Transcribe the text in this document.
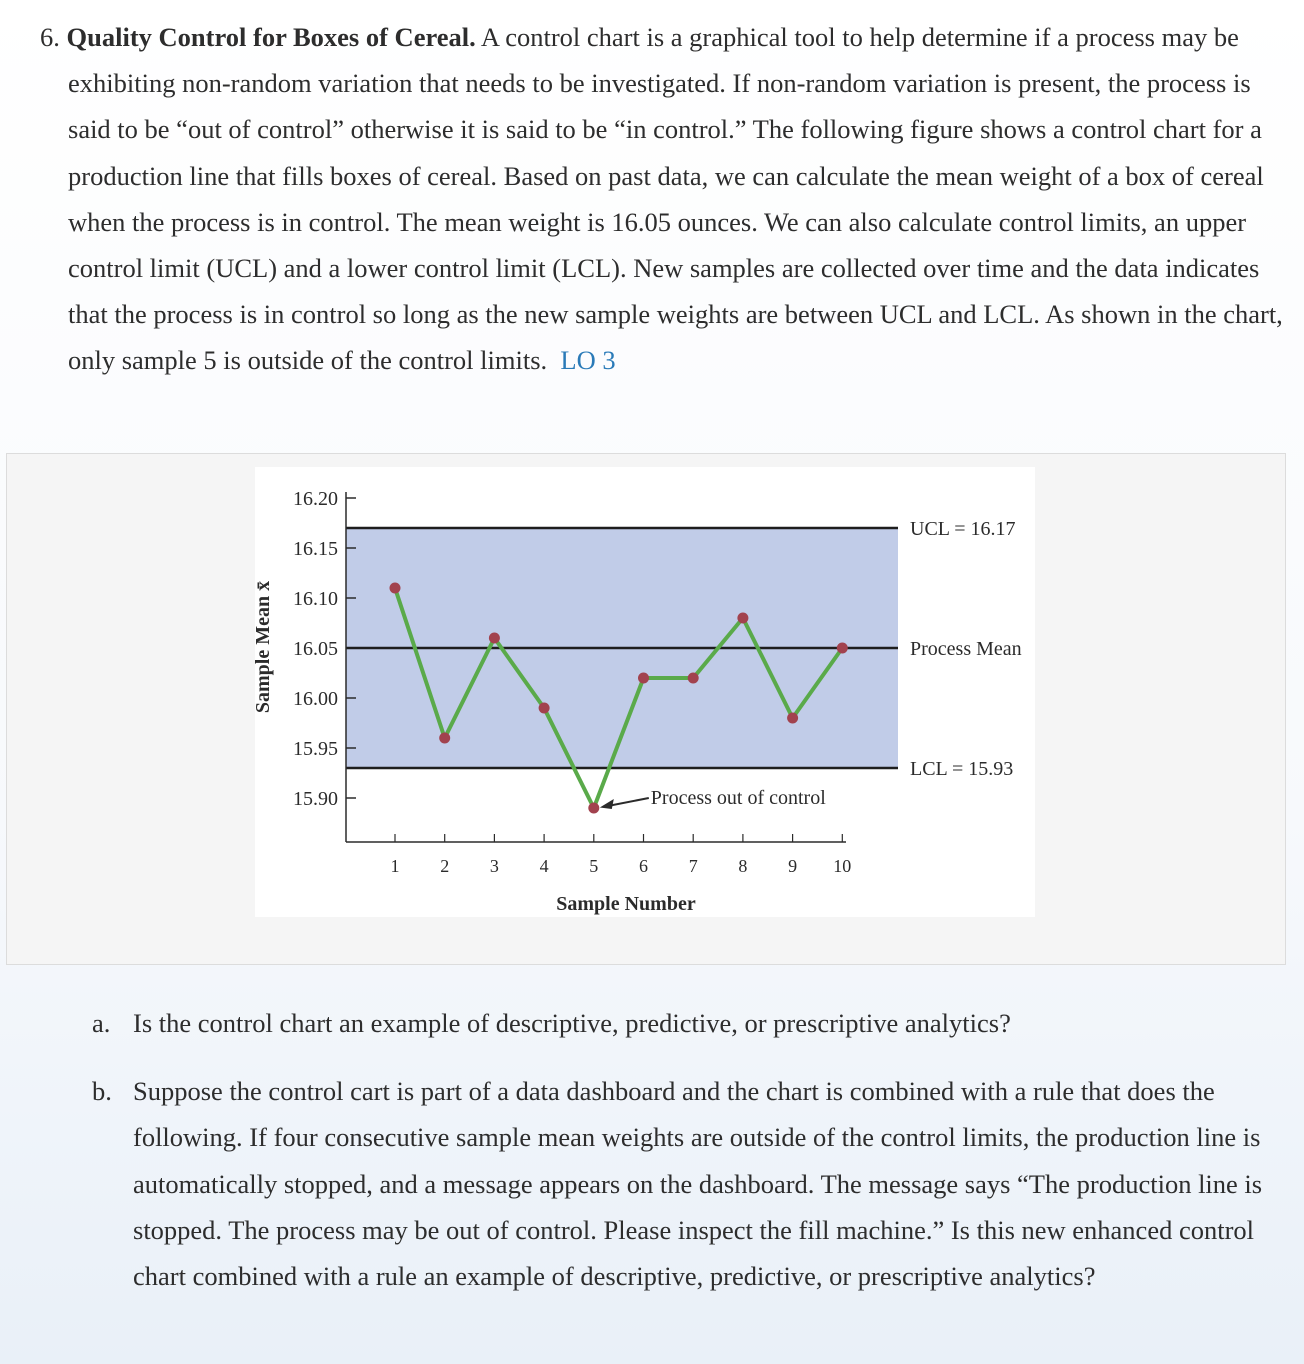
6. Quality Control for Boxes of Cereal. A control chart is a graphical tool to help determine if a process may be exhibiting non-random variation that needs to be investigated. If non-random variation is present, the process is said to be “out of control” otherwise it is said to be “in control.” The following figure shows a control chart for a production line that fills boxes of cereal. Based on past data, we can calculate the mean weight of a box of cereal when the process is in control. The mean weight is 16.05 ounces. We can also calculate control limits, an upper control limit (UCL) and a lower control limit (LCL). New samples are collected over time and the data indicates that the process is in control so long as the new sample weights are between UCL and LCL. As shown in the chart, only sample 5 is outside of the control limits. LO 3

16.20
16.15
16.10
16.05
16.00
15.95
15.90
1 2 3 4 5 6 7 8 9 10
UCL = 16.17
Process Mean
LCL = 15.93
Process out of control
Sample Number
Sample Mean x̄
a. Is the control chart an example of descriptive, predictive, or prescriptive analytics?
b. Suppose the control cart is part of a data dashboard and the chart is combined with a rule that does the following. If four consecutive sample mean weights are outside of the control limits, the production line is automatically stopped, and a message appears on the dashboard. The message says “The production line is stopped. The process may be out of control. Please inspect the fill machine.” Is this new enhanced control chart combined with a rule an example of descriptive, predictive, or prescriptive analytics?
